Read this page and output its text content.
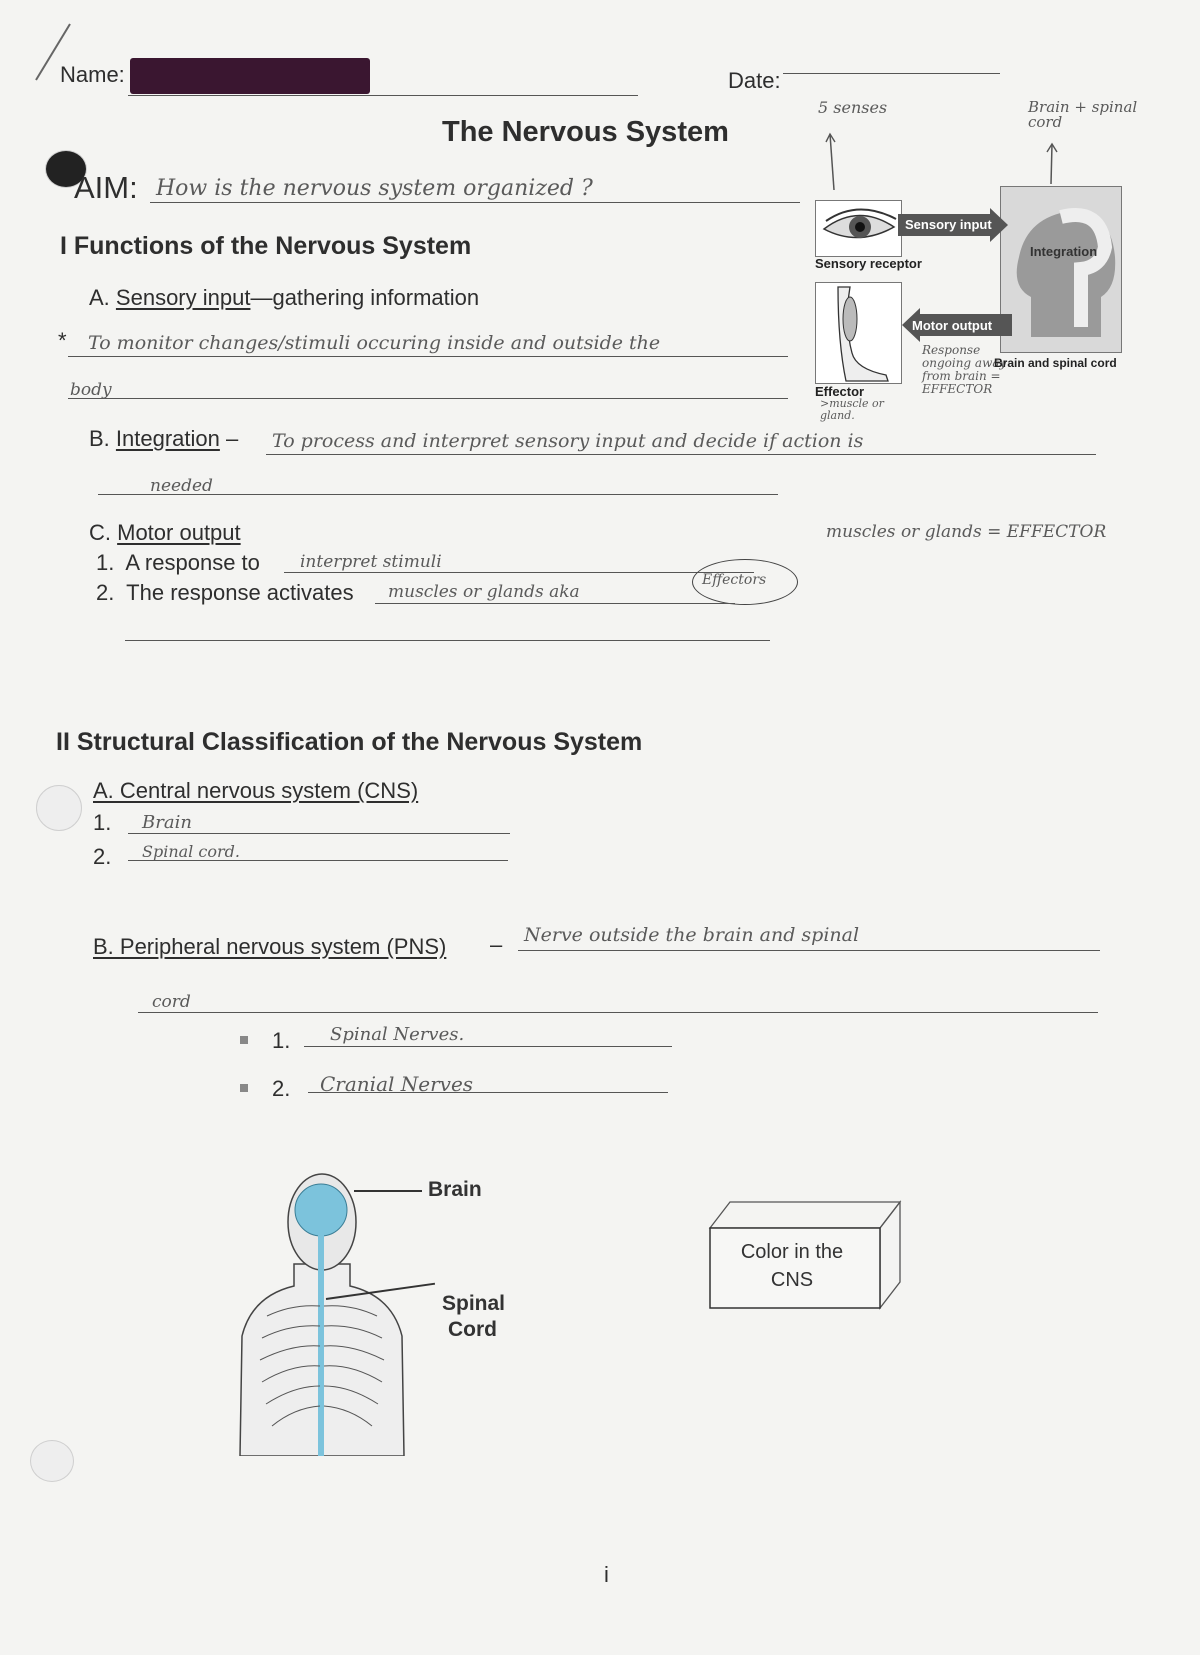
Name:	Date:
The Nervous System
AIM: How is the nervous system organized ?
I Functions of the Nervous System
A. Sensory input—gathering information
* To monitor changes/stimuli occuring inside and outside the
body
B. Integration – To process and interpret sensory input and decide if action is
needed
C. Motor output
1.  A response to interpret stimuli
2.  The response activates muscles or glands aka
Effectors
muscles or glands = EFFECTOR
5 senses	Brain + spinal cord
Sensory receptor
Integration
Sensory input
Effector
>muscle or gland.
Motor output
Response ongoing away from brain = EFFECTOR
Brain and spinal cord
II Structural Classification of the Nervous System
A. Central nervous system (CNS)
1. Brain
2. Spinal cord.
B. Peripheral nervous system (PNS) – Nerve outside the brain and spinal
cord
1. Spinal Nerves.
2. Cranial Nerves
Brain
Spinal
Cord
Color in the
CNS
i
